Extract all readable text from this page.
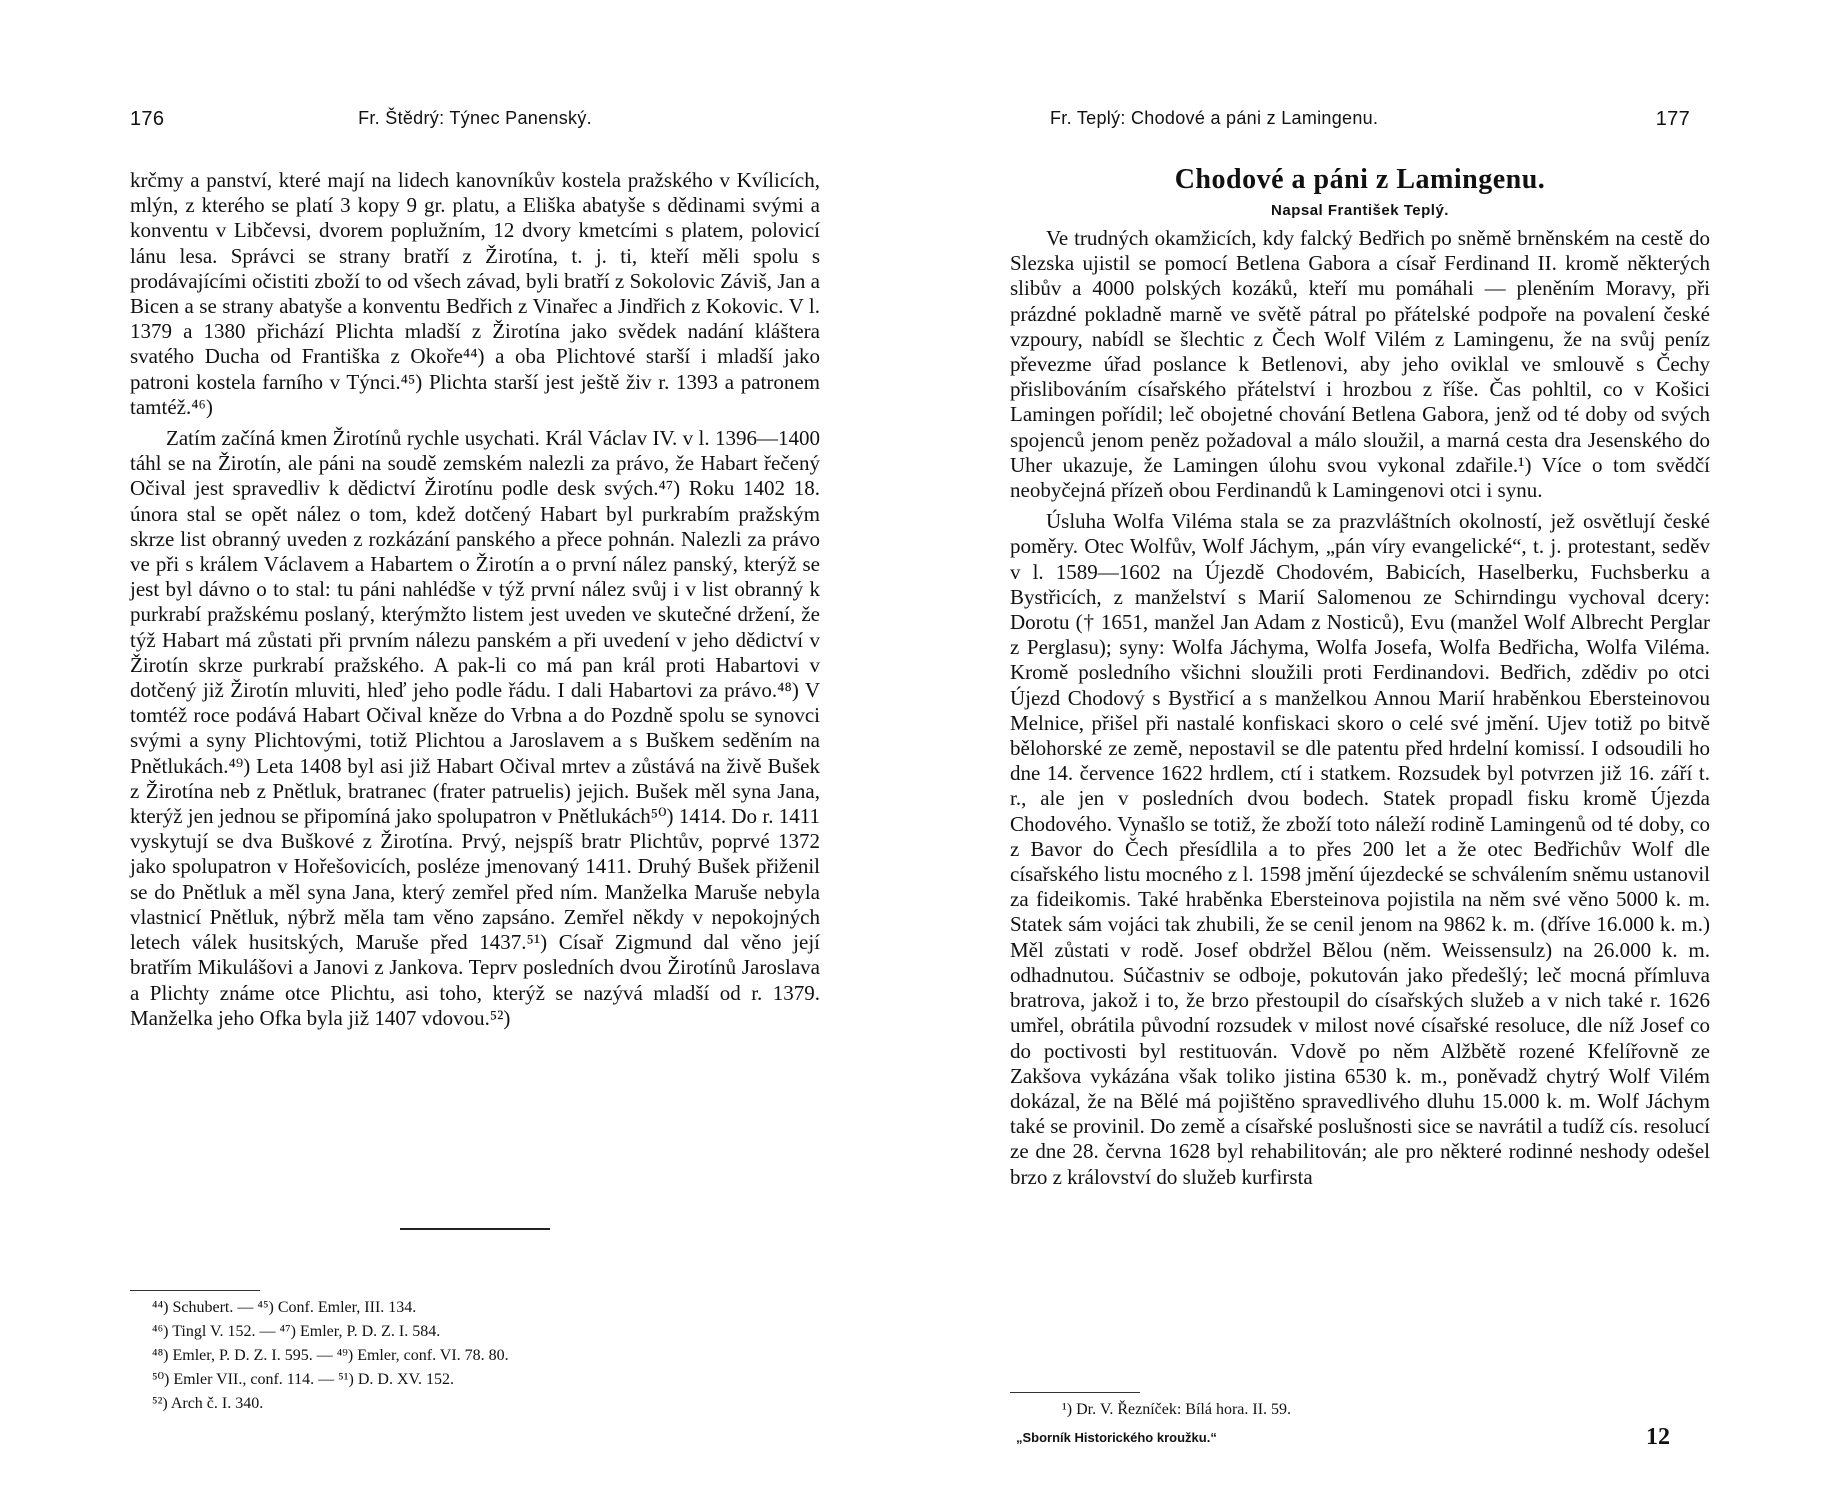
176	Fr. Štědrý: Týnec Panenský.

krčmy a panství, které mají na lidech kanovníkův kostela pražského v Kvílicích, mlýn, z kterého se platí 3 kopy 9 gr. platu, a Eliška abatyše s dědinami svými a konventu v Libčevsi, dvorem poplužním, 12 dvory kmetcími s platem, polovicí lánu lesa. Správci se strany bratří z Žirotína, t. j. ti, kteří měli spolu s prodávajícími očistiti zboží to od všech závad, byli bratří z Sokolovic Záviš, Jan a Bicen a se strany abatyše a konventu Bedřich z Vinařec a Jindřich z Kokovic. V l. 1379 a 1380 přichází Plichta mladší z Žirotína jako svědek nadání kláštera svatého Ducha od Františka z Okoře⁴⁴) a oba Plichtové starší i mladší jako patroni kostela farního v Týnci.⁴⁵) Plichta starší jest ještě živ r. 1393 a patronem tamtéž.⁴⁶)

Zatím začíná kmen Žirotínů rychle usychati. Král Václav IV. v l. 1396—1400 táhl se na Žirotín, ale páni na soudě zemském nalezli za právo, že Habart řečený Očival jest spravedliv k dědictví Žirotínu podle desk svých.⁴⁷) Roku 1402 18. února stal se opět nález o tom, kdež dotčený Habart byl purkrabím pražským skrze list obranný uveden z rozkázání panského a přece pohnán. Nalezli za právo ve při s králem Václavem a Habartem o Žirotín a o první nález panský, kterýž se jest byl dávno o to stal: tu páni nahlédše v týž první nález svůj i v list obranný k purkrabí pražskému poslaný, kterýmžto listem jest uveden ve skutečné držení, že týž Habart má zůstati při prvním nálezu panském a při uvedení v jeho dědictví v Žirotín skrze purkrabí pražského. A pak-li co má pan král proti Habartovi v dotčený již Žirotín mluviti, hleď jeho podle řádu. I dali Habartovi za právo.⁴⁸) V tomtéž roce podává Habart Očival kněze do Vrbna a do Pozdně spolu se synovci svými a syny Plichtovými, totiž Plichtou a Jaroslavem a s Buškem seděním na Pnětlukách.⁴⁹) Leta 1408 byl asi již Habart Očival mrtev a zůstává na živě Bušek z Žirotína neb z Pnětluk, bratranec (frater patruelis) jejich. Bušek měl syna Jana, kterýž jen jednou se připomíná jako spolupatron v Pnětlukách⁵⁰) 1414. Do r. 1411 vyskytují se dva Buškové z Žirotína. Prvý, nejspíš bratr Plichtův, poprvé 1372 jako spolupatron v Hořešovicích, posléze jmenovaný 1411. Druhý Bušek přiženil se do Pnětluk a měl syna Jana, který zemřel před ním. Manželka Maruše nebyla vlastnicí Pnětluk, nýbrž měla tam věno zapsáno. Zemřel někdy v nepokojných letech válek husitských, Maruše před 1437.⁵¹) Císař Zigmund dal věno její bratřím Mikulášovi a Janovi z Jankova. Teprv posledních dvou Žirotínů Jaroslava a Plichty známe otce Plichtu, asi toho, kterýž se nazývá mladší od r. 1379. Manželka jeho Ofka byla již 1407 vdovou.⁵²)

⁴⁴) Schubert. — ⁴⁵) Conf. Emler, III. 134.
⁴⁶) Tingl V. 152. — ⁴⁷) Emler, P. D. Z. I. 584.
⁴⁸) Emler, P. D. Z. I. 595. — ⁴⁹) Emler, conf. VI. 78. 80.
⁵⁰) Emler VII., conf. 114. — ⁵¹) D. D. XV. 152.
⁵²) Arch č. I. 340.
Fr. Teplý: Chodové a páni z Lamingenu.	177
Chodové a páni z Lamingenu.
Napsal František Teplý.

Ve trudných okamžicích, kdy falcký Bedřich po sněmě brněnském na cestě do Slezska ujistil se pomocí Betlena Gabora a císař Ferdinand II. kromě některých slibův a 4000 polských kozáků, kteří mu pomáhali — pleněním Moravy, při prázdné pokladně marně ve světě pátral po přátelské podpoře na povalení české vzpoury, nabídl se šlechtic z Čech Wolf Vilém z Lamingenu, že na svůj peníz převezme úřad poslance k Betlenovi, aby jeho oviklal ve smlouvě s Čechy přislibováním císařského přátelství i hrozbou z říše. Čas pohltil, co v Košici Lamingen pořídil; leč obojetné chování Betlena Gabora, jenž od té doby od svých spojenců jenom peněz požadoval a málo sloužil, a marná cesta dra Jesenského do Uher ukazuje, že Lamingen úlohu svou vykonal zdařile.¹) Více o tom svědčí neobyčejná přízeň obou Ferdinandů k Lamingenovi otci i synu.

Úsluha Wolfa Viléma stala se za prazvláštních okolností, jež osvětlují české poměry. Otec Wolfův, Wolf Jáchym, „pán víry evangelické“, t. j. protestant, seděv v l. 1589—1602 na Újezdě Chodovém, Babicích, Haselberku, Fuchsberku a Bystřicích, z manželství s Marií Salomenou ze Schirndingu vychoval dcery: Dorotu († 1651, manžel Jan Adam z Nosticů), Evu (manžel Wolf Albrecht Perglar z Perglasu); syny: Wolfa Jáchyma, Wolfa Josefa, Wolfa Bedřicha, Wolfa Viléma. Kromě posledního všichni sloužili proti Ferdinandovi. Bedřich, zdědiv po otci Újezd Chodový s Bystřicí a s manželkou Annou Marií hraběnkou Ebersteinovou Melnice, přišel při nastalé konfiskaci skoro o celé své jmění. Ujev totiž po bitvě bělohorské ze země, nepostavil se dle patentu před hrdelní komissí. I odsoudili ho dne 14. července 1622 hrdlem, ctí i statkem. Rozsudek byl potvrzen již 16. září t. r., ale jen v posledních dvou bodech. Statek propadl fisku kromě Újezda Chodového. Vynašlo se totiž, že zboží toto náleží rodině Lamingenů od té doby, co z Bavor do Čech přesídlila a to přes 200 let a že otec Bedřichův Wolf dle císařského listu mocného z l. 1598 jmění újezdecké se schválením sněmu ustanovil za fideikomis. Také hraběnka Ebersteinova pojistila na něm své věno 5000 k. m. Statek sám vojáci tak zhubili, že se cenil jenom na 9862 k. m. (dříve 16.000 k. m.) Měl zůstati v rodě. Josef obdržel Bělou (něm. Weissensulz) na 26.000 k. m. odhadnutou. Súčastniv se odboje, pokutován jako předešlý; leč mocná přímluva bratrova, jakož i to, že brzo přestoupil do císařských služeb a v nich také r. 1626 umřel, obrátila původní rozsudek v milost nové císařské resoluce, dle níž Josef co do poctivosti byl restituován. Vdově po něm Alžbětě rozené Kfelířovně ze Zakšova vykázána však toliko jistina 6530 k. m., poněvadž chytrý Wolf Vilém dokázal, že na Bělé má pojištěno spravedlivého dluhu 15.000 k. m. Wolf Jáchym také se provinil. Do země a císařské poslušnosti sice se navrátil a tudíž cís. resolucí ze dne 28. června 1628 byl rehabilitován; ale pro některé rodinné neshody odešel brzo z království do služeb kurfirsta

¹) Dr. V. Řezníček: Bílá hora. II. 59.
„Sborník Historického kroužku.“	12
